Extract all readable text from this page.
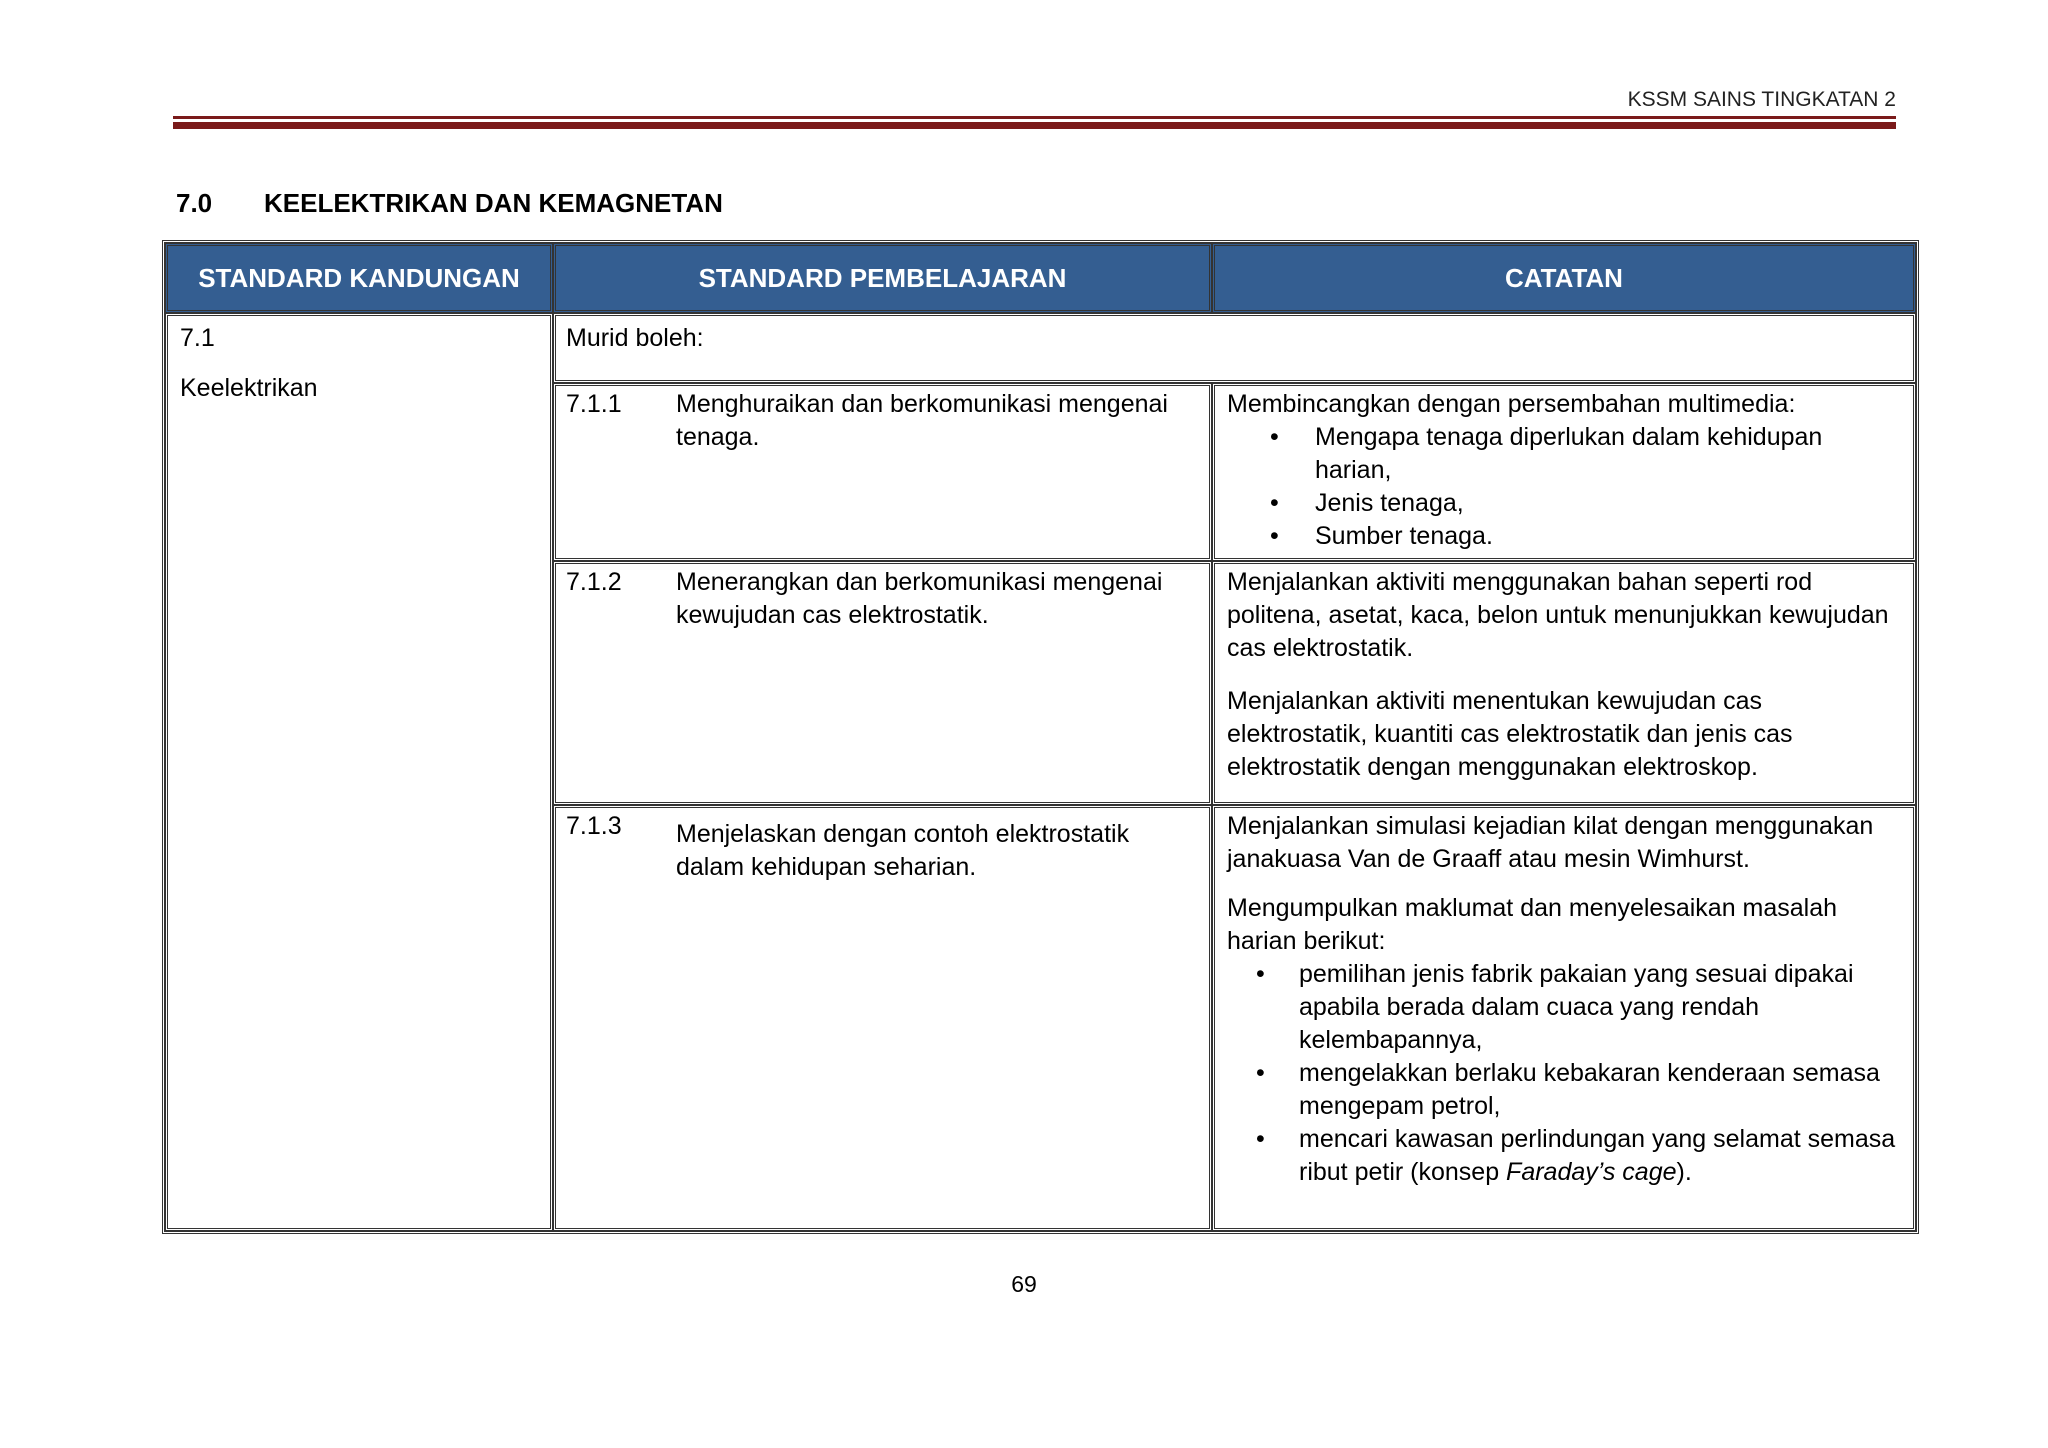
KSSM SAINS TINGKATAN 2
7.0 KEELEKTRIKAN DAN KEMAGNETAN
STANDARD KANDUNGAN	STANDARD PEMBELAJARAN	CATATAN
7.1
Keelektrikan
Murid boleh:
7.1.1 Menghuraikan dan berkomunikasi mengenai tenaga.
Membincangkan dengan persembahan multimedia:
• Mengapa tenaga diperlukan dalam kehidupan harian,
• Jenis tenaga,
• Sumber tenaga.
7.1.2 Menerangkan dan berkomunikasi mengenai kewujudan cas elektrostatik.
Menjalankan aktiviti menggunakan bahan seperti rod politena, asetat, kaca, belon untuk menunjukkan kewujudan cas elektrostatik.
Menjalankan aktiviti menentukan kewujudan cas elektrostatik, kuantiti cas elektrostatik dan jenis cas elektrostatik dengan menggunakan elektroskop.
7.1.3 Menjelaskan dengan contoh elektrostatik dalam kehidupan seharian.
Menjalankan simulasi kejadian kilat dengan menggunakan janakuasa Van de Graaff atau mesin Wimhurst.
Mengumpulkan maklumat dan menyelesaikan masalah harian berikut:
• pemilihan jenis fabrik pakaian yang sesuai dipakai apabila berada dalam cuaca yang rendah kelembapannya,
• mengelakkan berlaku kebakaran kenderaan semasa mengepam petrol,
• mencari kawasan perlindungan yang selamat semasa ribut petir (konsep Faraday’s cage).
69
